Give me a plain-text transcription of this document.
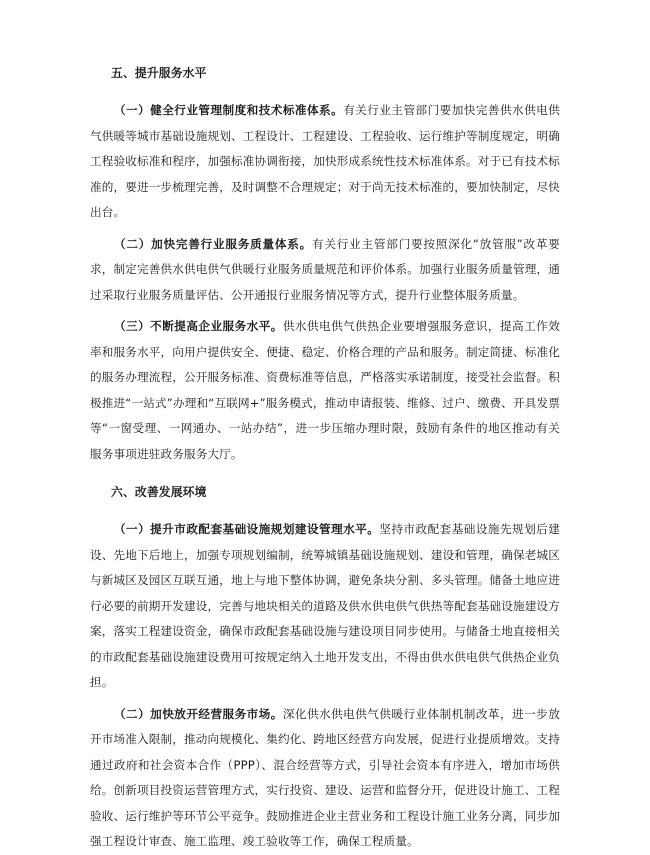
五、提升服务水平

（一）健全行业管理制度和技术标准体系。有关行业主管部门要加快完善供水供电供气供暖等城市基础设施规划、工程设计、工程建设、工程验收、运行维护等制度规定，明确工程验收标准和程序，加强标准协调衔接，加快形成系统性技术标准体系。对于已有技术标准的，要进一步梳理完善，及时调整不合理规定；对于尚无技术标准的，要加快制定，尽快出台。

（二）加快完善行业服务质量体系。有关行业主管部门要按照深化“放管服”改革要求，制定完善供水供电供气供暖行业服务质量规范和评价体系。加强行业服务质量管理，通过采取行业服务质量评估、公开通报行业服务情况等方式，提升行业整体服务质量。

（三）不断提高企业服务水平。供水供电供气供热企业要增强服务意识，提高工作效率和服务水平，向用户提供安全、便捷、稳定、价格合理的产品和服务。制定简捷、标准化的服务办理流程，公开服务标准、资费标准等信息，严格落实承诺制度，接受社会监督。积极推进“一站式”办理和“互联网+”服务模式，推动申请报装、维修、过户、缴费、开具发票等“一窗受理、一网通办、一站办结”，进一步压缩办理时限，鼓励有条件的地区推动有关服务事项进驻政务服务大厅。

六、改善发展环境

（一）提升市政配套基础设施规划建设管理水平。坚持市政配套基础设施先规划后建设、先地下后地上，加强专项规划编制，统筹城镇基础设施规划、建设和管理，确保老城区与新城区及园区互联互通，地上与地下整体协调，避免条块分割、多头管理。储备土地应进行必要的前期开发建设，完善与地块相关的道路及供水供电供气供热等配套基础设施建设方案，落实工程建设资金，确保市政配套基础设施与建设项目同步使用。与储备土地直接相关的市政配套基础设施建设费用可按规定纳入土地开发支出，不得由供水供电供气供热企业负担。

（二）加快放开经营服务市场。深化供水供电供气供暖行业体制机制改革，进一步放开市场准入限制，推动向规模化、集约化、跨地区经营方向发展，促进行业提质增效。支持通过政府和社会资本合作（PPP）、混合经营等方式，引导社会资本有序进入，增加市场供给。创新项目投资运营管理方式，实行投资、建设、运营和监督分开，促进设计施工、工程验收、运行维护等环节公平竞争。鼓励推进企业主营业务和工程设计施工业务分离，同步加强工程设计审查、施工监理、竣工验收等工作，确保工程质量。
